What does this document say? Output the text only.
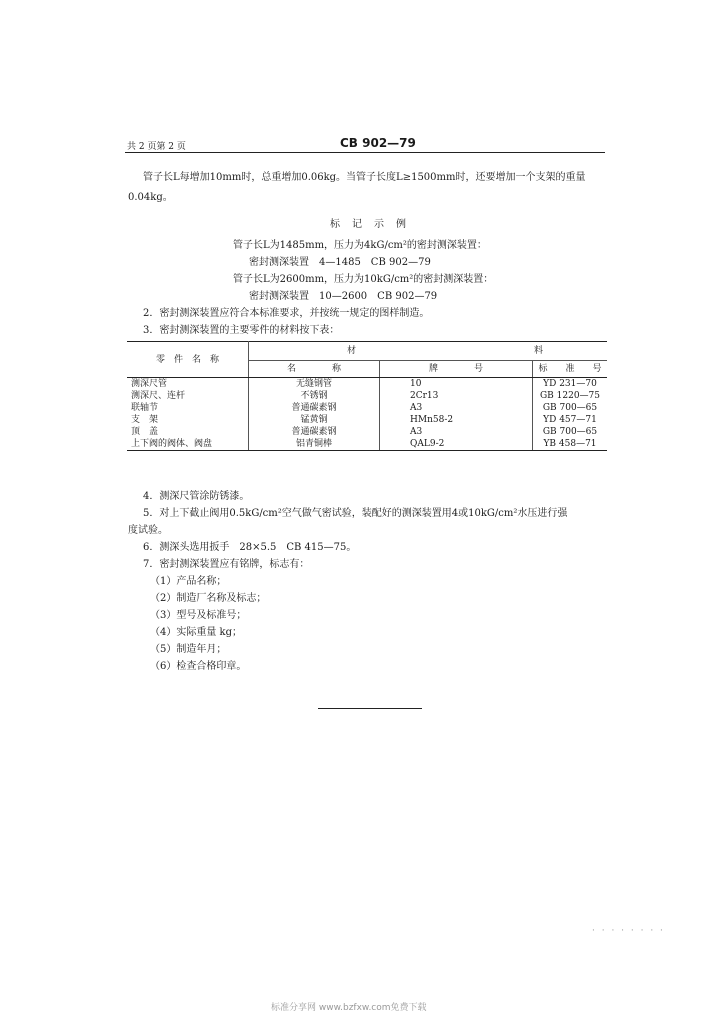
共 2 页第 2 页	CB 902—79
管子长L每增加10mm时，总重增加0.06kg。当管子长度L≥1500mm时，还要增加一个支架的重量
0.04kg。
标记示例
管子长L为1485mm，压力为4kG/cm²的密封测深装置：
密封测深装置　4—1485　CB 902—79
管子长L为2600mm，压力为10kG/cm²的密封测深装置：
密封测深装置　10—2600　CB 902—79
2．密封测深装置应符合本标准要求，并按统一规定的图样制造。
3．密封测深装置的主要零件的材料按下表：
零　件　名　称	材 料		

	名　　　　称	牌　　　　号	标　　准　　号
测深尺管	无缝钢管	10	YD 231—70
测深尺、连杆	不锈钢	2Cr13	GB 1220—75
联轴节	普通碳素钢	A3	GB 700—65
支　架	锰黄铜	HMn58-2	YD 457—71
顶　盖	普通碳素钢	A3	GB 700—65
上下阀的阀体、阀盘	铝青铜棒	QAL9-2	YB 458—71
4．测深尺管涂防锈漆。
5．对上下截止阀用0.5kG/cm²空气做气密试验，装配好的测深装置用4或10kG/cm²水压进行强
度试验。
6．测深头选用扳手　28×5.5　CB 415—75。
7．密封测深装置应有铭牌，标志有：
（1）产品名称；
（2）制造厂名称及标志；
（3）型号及标准号；
（4）实际重量 kg；
（5）制造年月；
（6）检查合格印章。
· · · · · · · ·
标准分享网 www.bzfxw.com免费下载
